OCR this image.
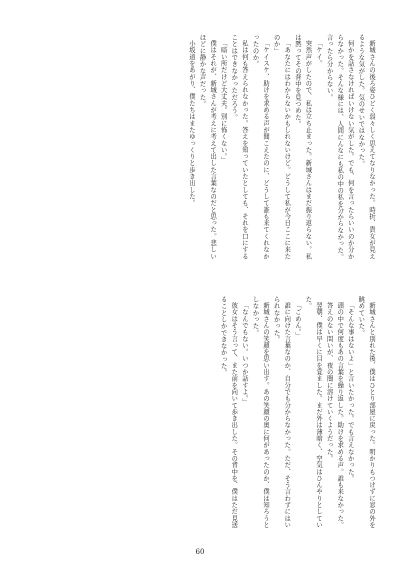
新城さんの後ろ姿ひどく弱々しく思えてなりなかった。時折、貴女が見えるような気がした。気のせいではなかった。

何かを話さなければいけない気がした。でも、何を言ったらいいのか分からなかった。そんな様には、人間にんなにも私の中の私を分からなかった。言ったら分からない。

「ケイ。

突然声がしたので、私は立ち止まった。新城さんはまだ振り返らない。私は黙ってその背中を見つめた。

「あなたにはわからないかもしれないけど。どうして私が今日ここに来たのか」

「ケイスケ、助けを求める声が聞こえたのに、どうして誰も来てくれなかったのか。

私は何も答えられなかった。答えを知っていたとしても、それを口にすることはできなかっただろう。

「暗い所だけど大丈夫。別に怖くない。」

僕はそれが、新城さんが考えに考えて出した言葉なのだと思った。悲しいほどに静かな声だった。

小坂道をあがり、僕たちはまたゆっくりと歩き出した。

新城さんと別れた後、僕はひとり部屋に戻った。明かりもつけずに窓の外を眺めていた。

「そんな事はないよ」と言いたかった。でも言えなかった。

頭の中で何度もあの言葉を繰り返した。助けを求める声。誰も来なかった。

答えのない問いが、夜の闇に溶けていくようだった。

翌朝、僕は早くに目を覚ました。まだ外は薄暗く、空気はひんやりとしていた。

「ごめん。」

誰に向けた言葉なのか、自分でも分からなかった。ただ、そう言わずにはいられなかった。

新城さんの笑顔を思い出す。あの笑顔の奥に何があったのか、僕は知ろうとしなかった。

「なんでもない。いつか話すよ。」

彼女はそう言って、また前を向いて歩き出した。その背中を、僕はただ見送ることしかできなかった。

60
